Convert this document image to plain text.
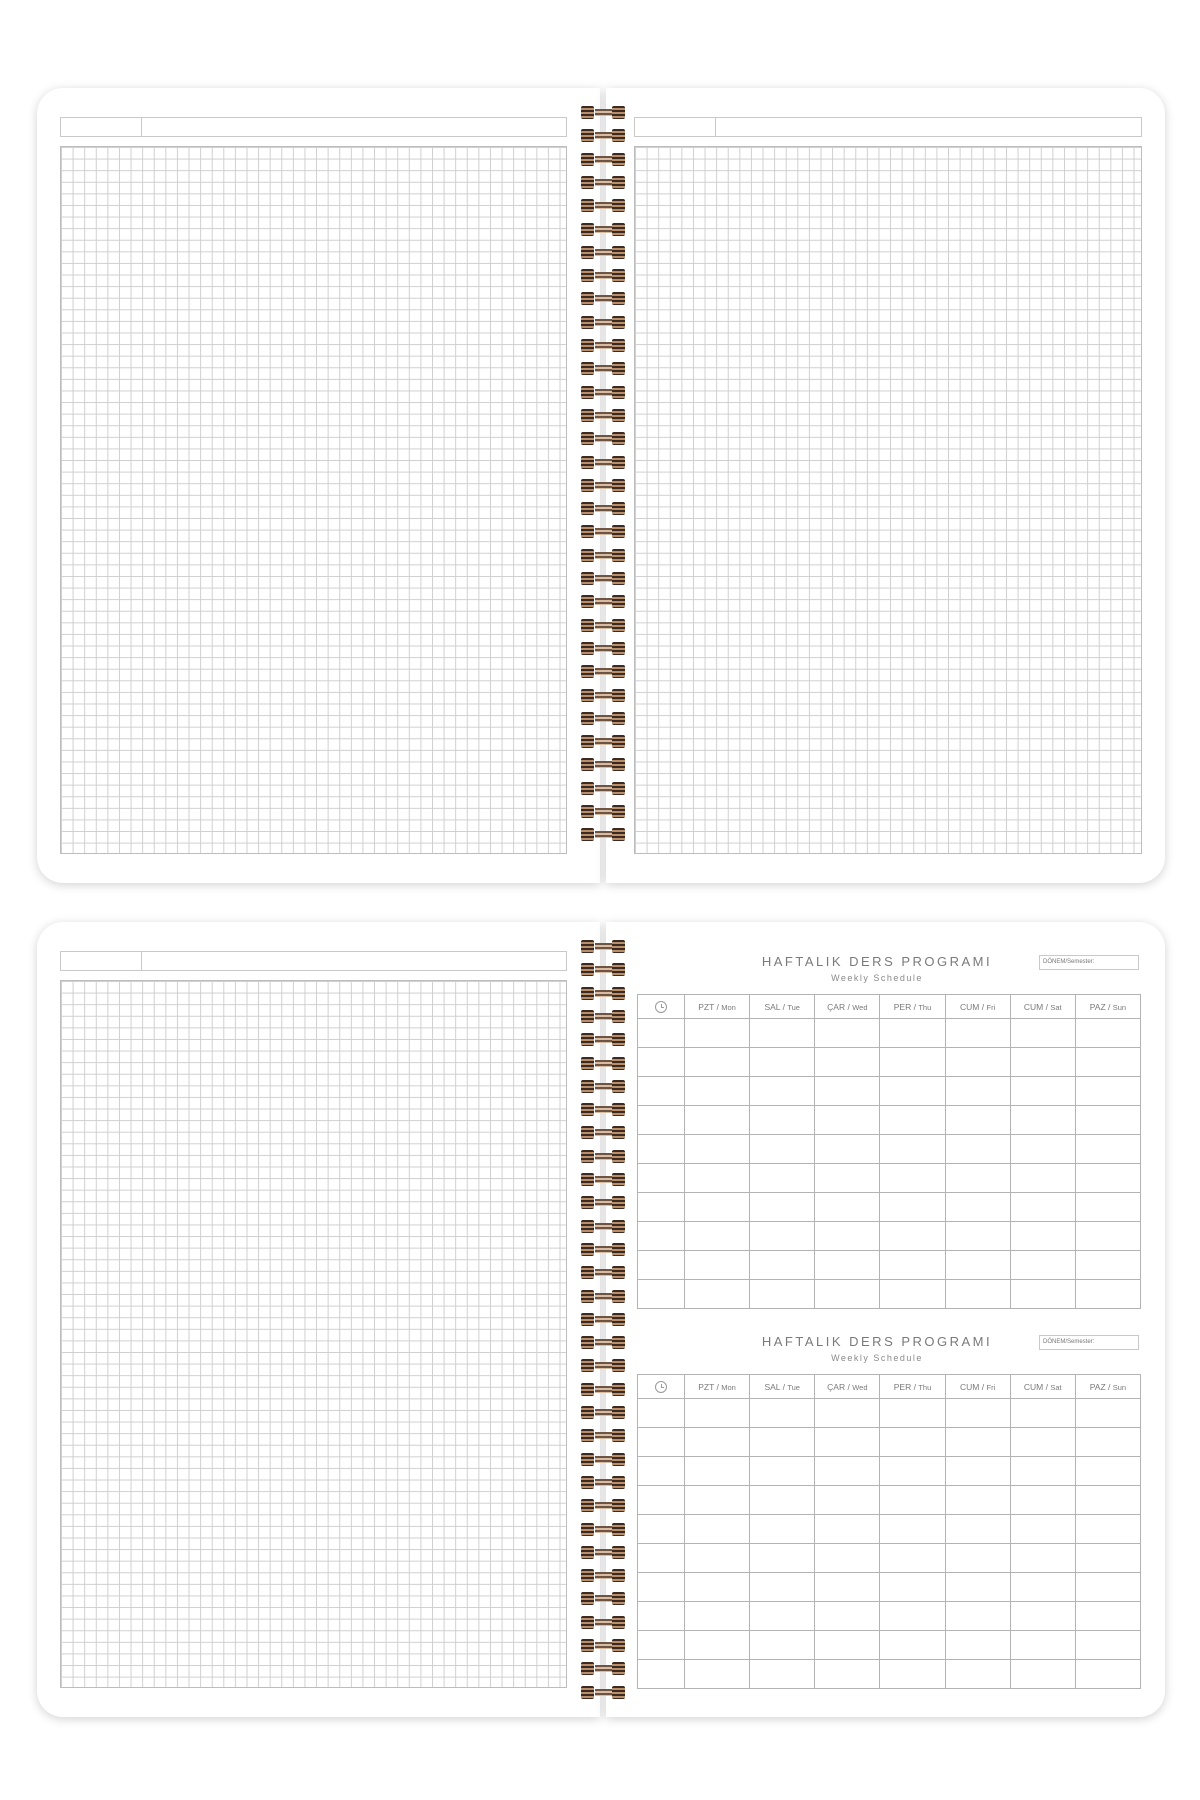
HAFTALIK DERS PROGRAMI
Weekly Schedule
DÖNEM/Semester:
	PZT / Mon	SAL / Tue	ÇAR / Wed	PER / Thu	CUM / Fri	CUM / Sat	PAZ / Sun

HAFTALIK DERS PROGRAMI
Weekly Schedule
DÖNEM/Semester:
	PZT / Mon	SAL / Tue	ÇAR / Wed	PER / Thu	CUM / Fri	CUM / Sat	PAZ / Sun
